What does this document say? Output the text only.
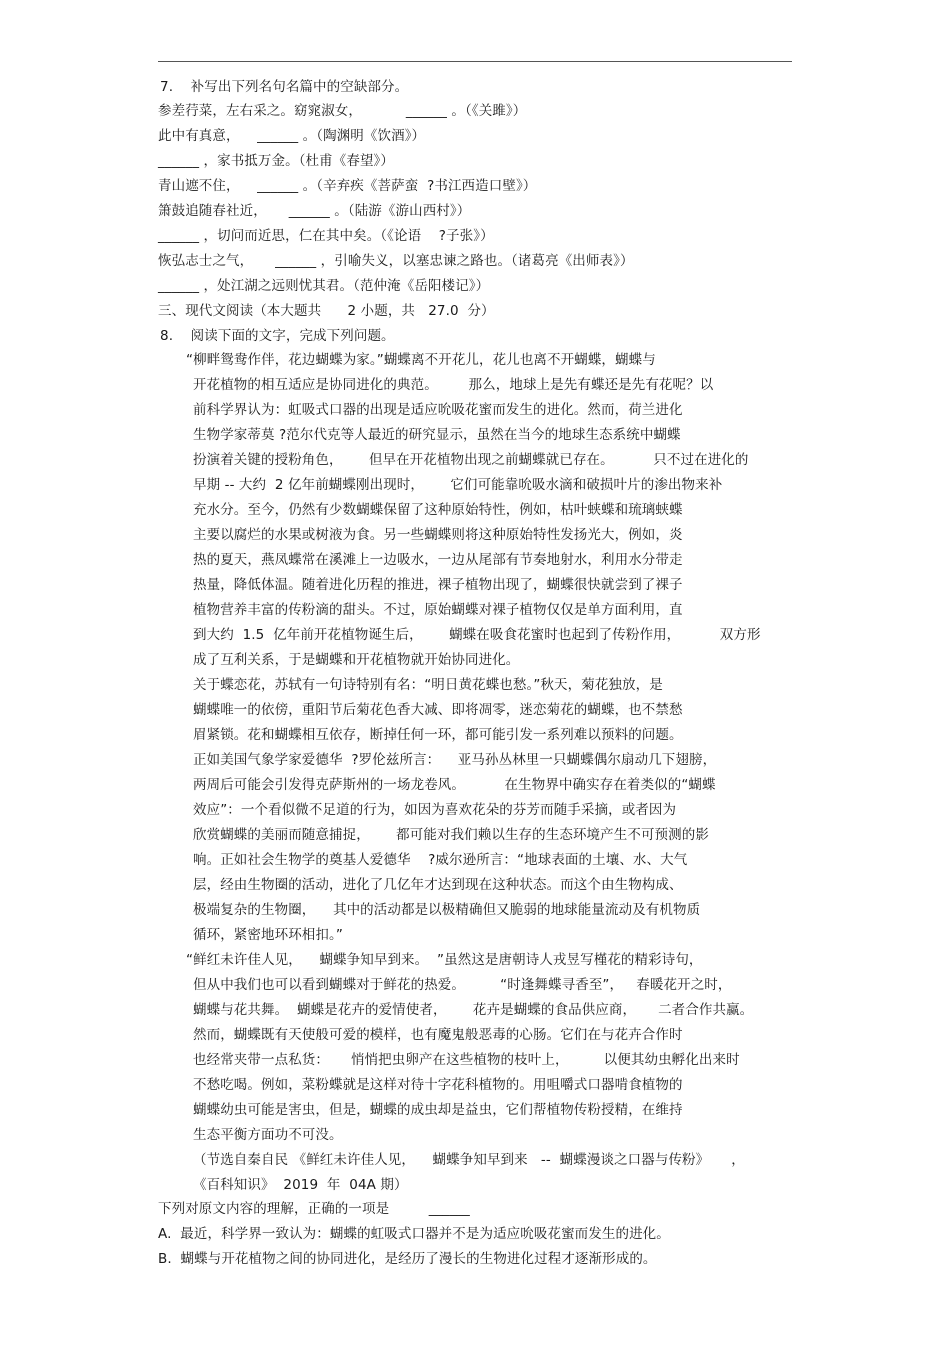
7.    补写出下列名句名篇中的空缺部分。
参差荇菜，左右采之。窈窕淑女，          ______ 。（《关雎》）
此中有真意，    ______ 。（陶渊明《饮酒》）
______ ，家书抵万金。（杜甫《春望》）
青山遮不住，    ______ 。（辛弃疾《菩萨蛮  ?书江西造口壁》）
箫鼓追随春社近，     ______ 。（陆游《游山西村》）
______ ，切问而近思，仁在其中矣。（《论语    ?子张》）
恢弘志士之气，     ______ ，引喻失义，以塞忠谏之路也。（诸葛亮《出师表》）
______ ，处江湖之远则忧其君。（范仲淹《岳阳楼记》）
三、现代文阅读（本大题共      2 小题，共   27.0  分）
8.    阅读下面的文字，完成下列问题。
“柳畔鸳鸯作伴，花边蝴蝶为家。”蝴蝶离不开花儿，花儿也离不开蝴蝶，蝴蝶与
开花植物的相互适应是协同进化的典范。       那么，地球上是先有蝶还是先有花呢？以
前科学界认为：虹吸式口器的出现是适应吮吸花蜜而发生的进化。然而，荷兰进化
生物学家蒂莫 ?范尔代克等人最近的研究显示，虽然在当今的地球生态系统中蝴蝶
扮演着关键的授粉角色，      但早在开花植物出现之前蝴蝶就已存在。         只不过在进化的
早期 -- 大约  2 亿年前蝴蝶刚出现时，      它们可能靠吮吸水滴和破损叶片的渗出物来补
充水分。至今，仍然有少数蝴蝶保留了这种原始特性，例如，枯叶蛱蝶和琉璃蛱蝶
主要以腐烂的水果或树液为食。另一些蝴蝶则将这种原始特性发扬光大，例如，炎
热的夏天，燕凤蝶常在溪滩上一边吸水，一边从尾部有节奏地射水，利用水分带走
热量，降低体温。随着进化历程的推进，裸子植物出现了，蝴蝶很快就尝到了裸子
植物营养丰富的传粉滴的甜头。不过，原始蝴蝶对裸子植物仅仅是单方面利用，直
到大约  1.5  亿年前开花植物诞生后，      蝴蝶在吸食花蜜时也起到了传粉作用，         双方形
成了互利关系，于是蝴蝶和开花植物就开始协同进化。
关于蝶恋花，苏轼有一句诗特别有名：“明日黄花蝶也愁。”秋天，菊花独放，是
蝴蝶唯一的依傍，重阳节后菊花色香大减、即将凋零，迷恋菊花的蝴蝶，也不禁愁
眉紧锁。花和蝴蝶相互依存，断掉任何一环，都可能引发一系列难以预料的问题。
正如美国气象学家爱德华  ?罗伦兹所言：    亚马孙丛林里一只蝴蝶偶尔扇动几下翅膀，
两周后可能会引发得克萨斯州的一场龙卷风。         在生物界中确实存在着类似的“蝴蝶
效应”：一个看似微不足道的行为，如因为喜欢花朵的芬芳而随手采摘，或者因为
欣赏蝴蝶的美丽而随意捕捉，      都可能对我们赖以生存的生态环境产生不可预测的影
响。正如社会生物学的奠基人爱德华    ?威尔逊所言：“地球表面的土壤、水、大气
层，经由生物圈的活动，进化了几亿年才达到现在这种状态。而这个由生物构成、
极端复杂的生物圈，    其中的活动都是以极精确但又脆弱的地球能量流动及有机物质
循环，紧密地环环相扣。”
“鲜红未许佳人见，    蝴蝶争知早到来。  ”虽然这是唐朝诗人戎昱写槿花的精彩诗句，
但从中我们也可以看到蝴蝶对于鲜花的热爱。        “时逢舞蝶寻香至”，   春暖花开之时，
蝴蝶与花共舞。  蝴蝶是花卉的爱情使者，      花卉是蝴蝶的食品供应商，     二者合作共赢。
然而，蝴蝶既有天使般可爱的模样，也有魔鬼般恶毒的心肠。它们在与花卉合作时
也经常夹带一点私货：     悄悄把虫卵产在这些植物的枝叶上，        以便其幼虫孵化出来时
不愁吃喝。例如，菜粉蝶就是这样对待十字花科植物的。用咀嚼式口器啃食植物的
蝴蝶幼虫可能是害虫，但是，蝴蝶的成虫却是益虫，它们帮植物传粉授精，在维持
生态平衡方面功不可没。
（节选自秦自民 《鲜红未许佳人见，    蝴蝶争知早到来   --  蝴蝶漫谈之口器与传粉》     ，
《百科知识》  2019  年  04A 期）
下列对原文内容的理解，正确的一项是         ______
A.  最近，科学界一致认为：蝴蝶的虹吸式口器并不是为适应吮吸花蜜而发生的进化。
B.  蝴蝶与开花植物之间的协同进化，是经历了漫长的生物进化过程才逐渐形成的。
